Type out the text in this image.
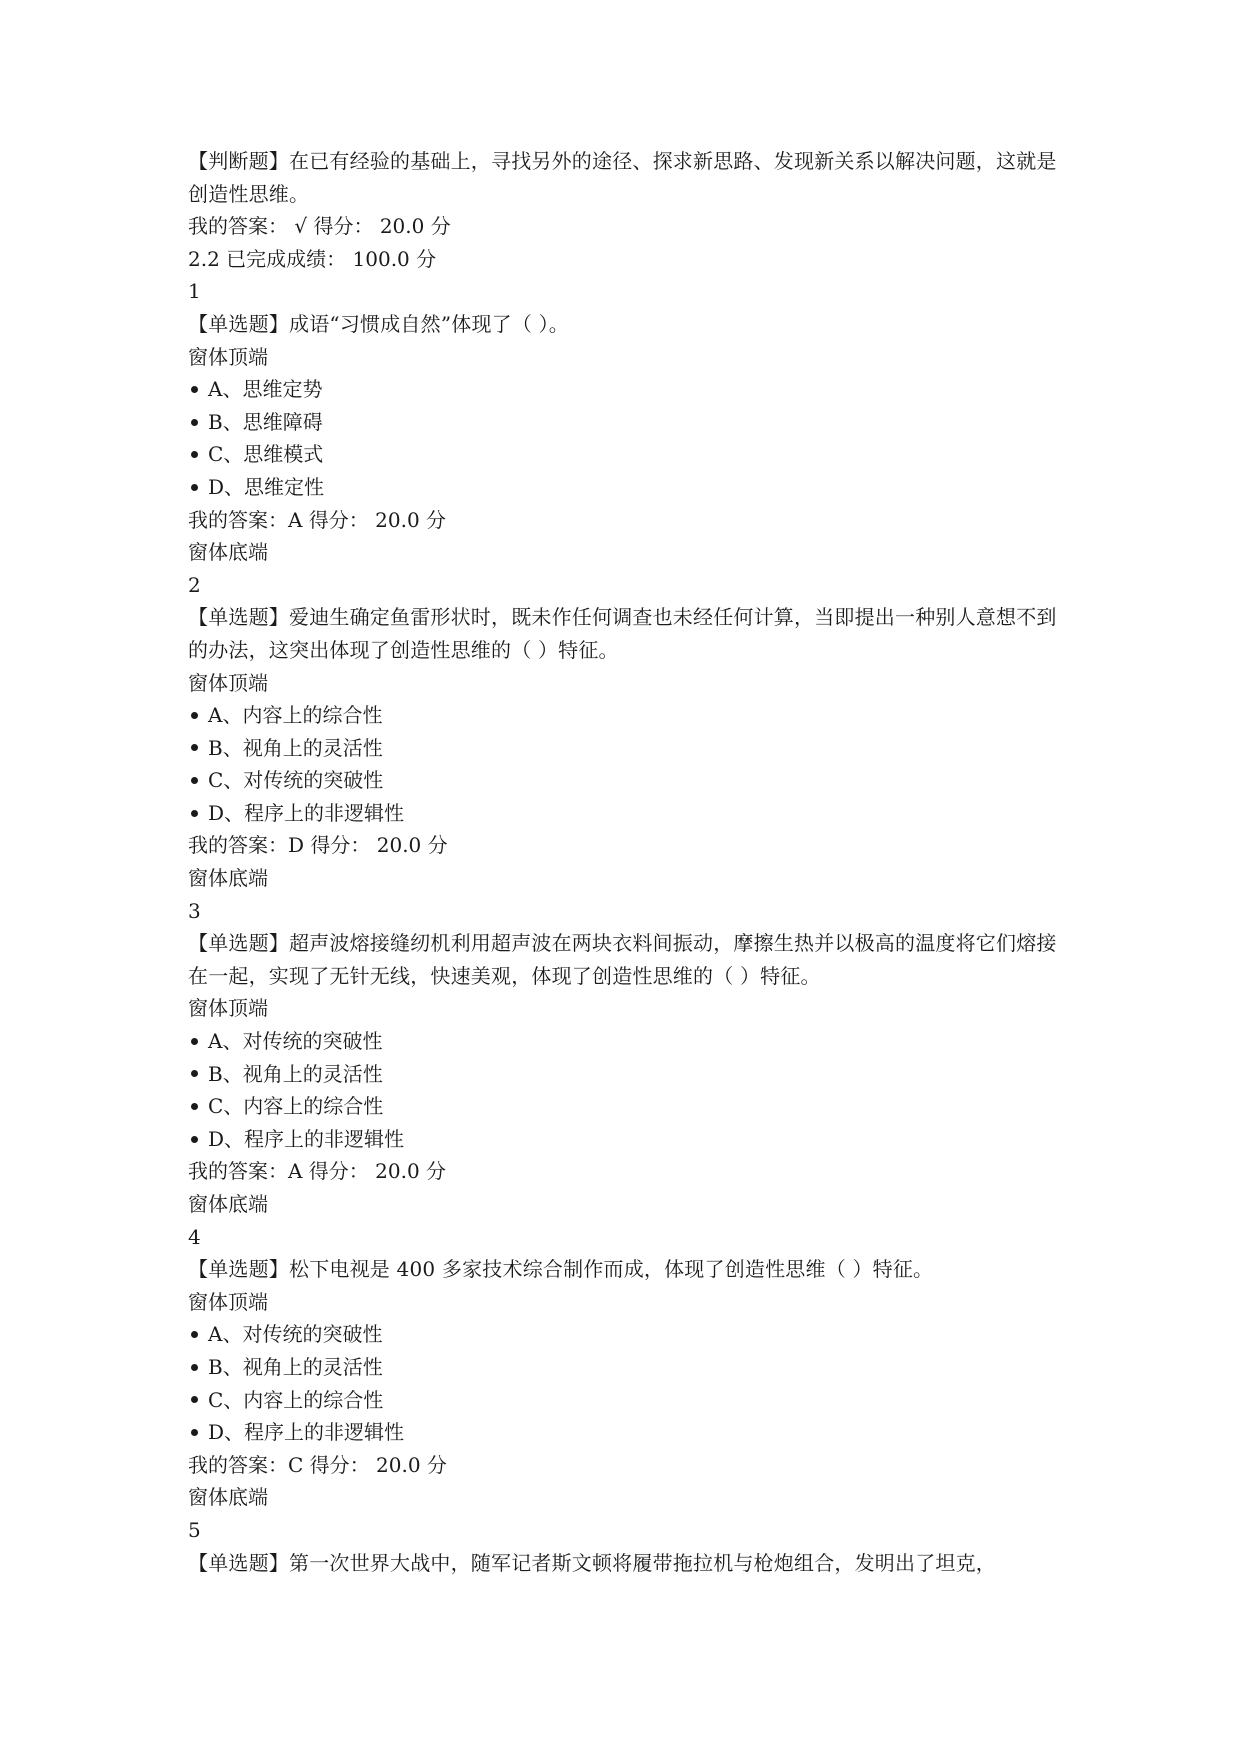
【判断题】在已有经验的基础上，寻找另外的途径、探求新思路、发现新关系以解决问题，这就是创造性思维。
我的答案： √ 得分： 20.0 分
2.2 已完成成绩： 100.0 分
1
【单选题】成语“习惯成自然”体现了（ ）。
窗体顶端
A、思维定势
B、思维障碍
C、思维模式
D、思维定性
我的答案：A 得分： 20.0 分
窗体底端
2
【单选题】爱迪生确定鱼雷形状时，既未作任何调查也未经任何计算，当即提出一种别人意想不到的办法，这突出体现了创造性思维的（ ）特征。
窗体顶端
A、内容上的综合性
B、视角上的灵活性
C、对传统的突破性
D、程序上的非逻辑性
我的答案：D 得分： 20.0 分
窗体底端
3
【单选题】超声波熔接缝纫机利用超声波在两块衣料间振动，摩擦生热并以极高的温度将它们熔接在一起，实现了无针无线，快速美观，体现了创造性思维的（ ）特征。
窗体顶端
A、对传统的突破性
B、视角上的灵活性
C、内容上的综合性
D、程序上的非逻辑性
我的答案：A 得分： 20.0 分
窗体底端
4
【单选题】松下电视是 400 多家技术综合制作而成，体现了创造性思维（ ）特征。
窗体顶端
A、对传统的突破性
B、视角上的灵活性
C、内容上的综合性
D、程序上的非逻辑性
我的答案：C 得分： 20.0 分
窗体底端
5
【单选题】第一次世界大战中，随军记者斯文顿将履带拖拉机与枪炮组合，发明出了坦克，
